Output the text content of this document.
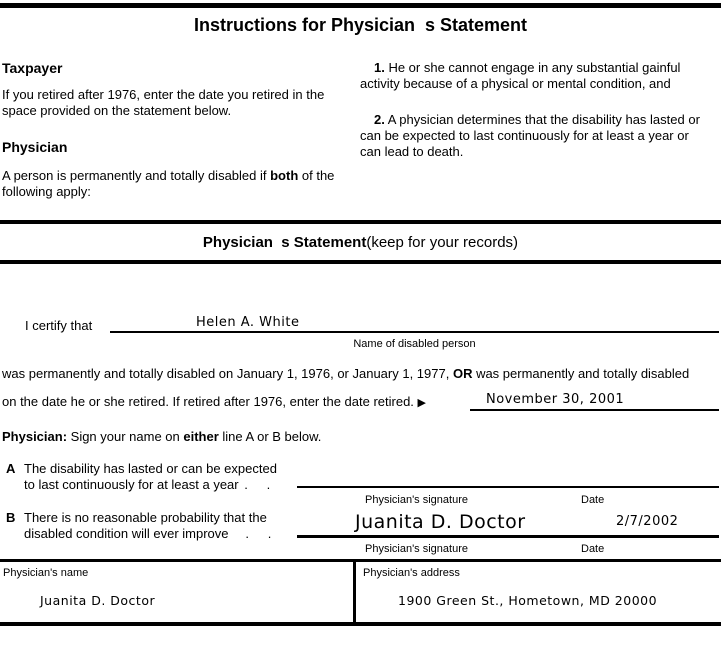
Instructions for Physician  s Statement
Taxpayer
If you retired after 1976, enter the date you retired in the space provided on the statement below.
Physician
A person is permanently and totally disabled if both of the following apply:
1. He or she cannot engage in any substantial gainful activity because of a physical or mental condition, and
2. A physician determines that the disability has lasted or can be expected to last continuously for at least a year or can lead to death.
Physician  s Statement(keep for your records)
I certify that	Helen A. White
Name of disabled person
was permanently and totally disabled on January 1, 1976, or January 1, 1977, OR was permanently and totally disabled
on the date he or she retired. If retired after 1976, enter the date retired. ▶	November 30, 2001
Physician: Sign your name on either line A or B below.
A The disability has lasted or can be expected
to last continuously for at least a year .   .
Physician's signature	Date
B There is no reasonable probability that the
disabled condition will ever improve   .   .
Juanita D. Doctor	2/7/2002
Physician's signature	Date
Physician's name
Juanita D. Doctor
Physician's address
1900 Green St., Hometown, MD 20000
